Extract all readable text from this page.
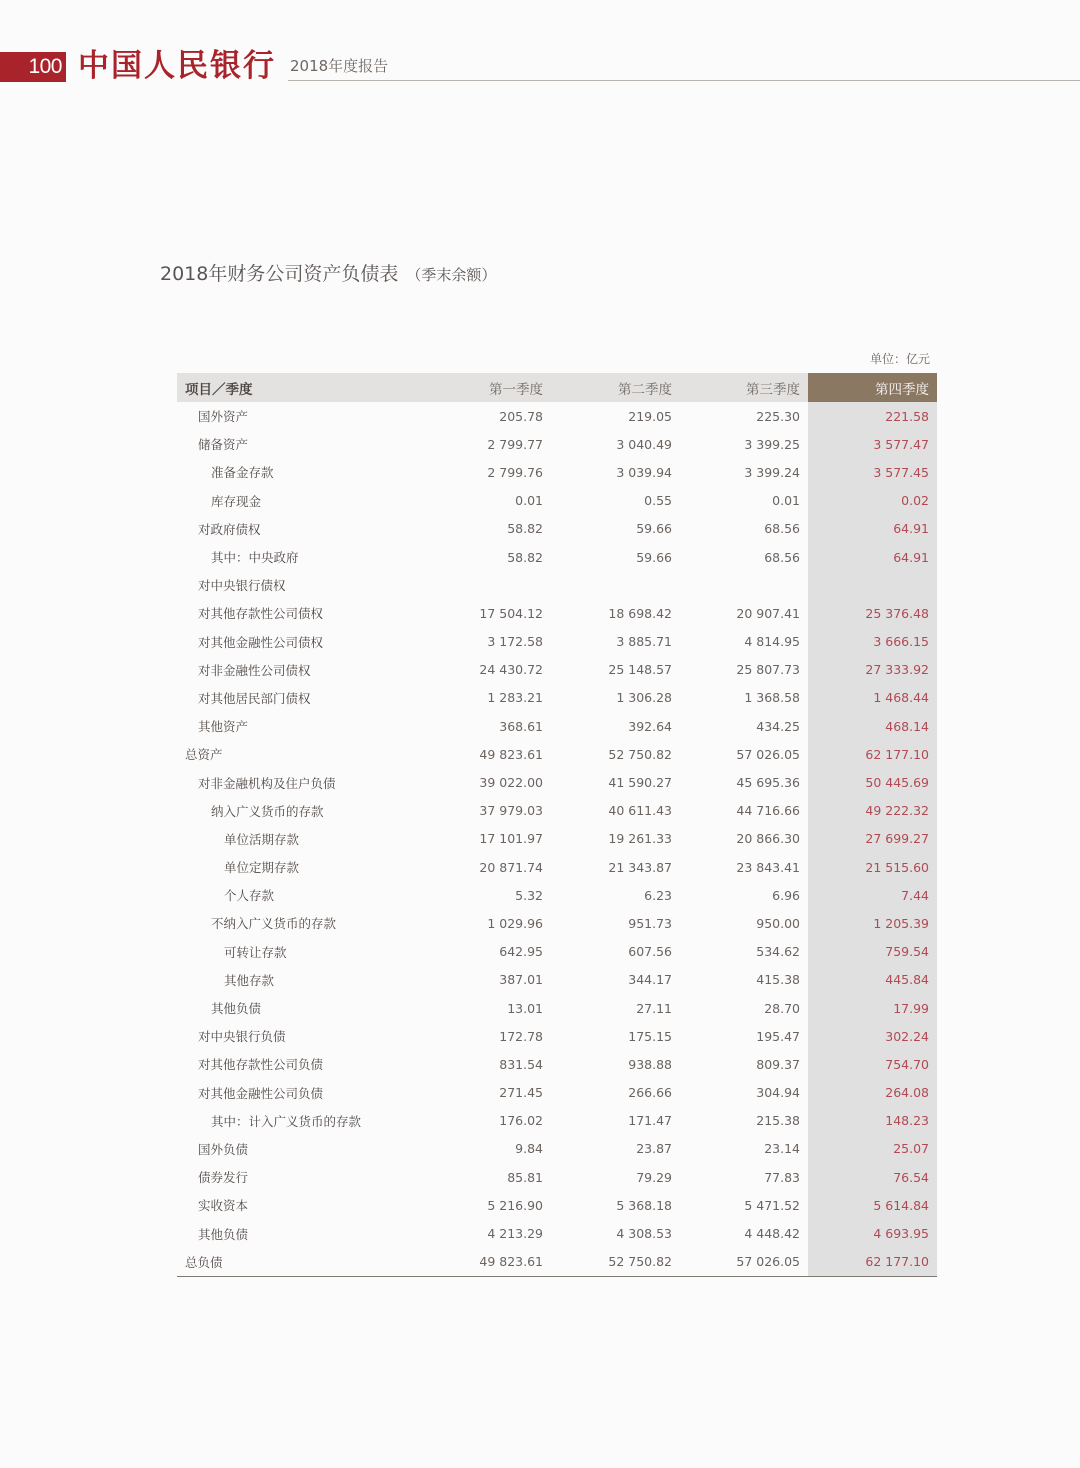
100 中国人民银行 2018年度报告
2018年财务公司资产负债表 （季末余额）
单位：亿元
项目／季度	第一季度	第二季度	第三季度	第四季度
国外资产	205.78	219.05	225.30	221.58
储备资产	2 799.77	3 040.49	3 399.25	3 577.47
准备金存款	2 799.76	3 039.94	3 399.24	3 577.45
库存现金	0.01	0.55	0.01	0.02
对政府债权	58.82	59.66	68.56	64.91
其中：中央政府	58.82	59.66	68.56	64.91
对中央银行债权				
对其他存款性公司债权	17 504.12	18 698.42	20 907.41	25 376.48
对其他金融性公司债权	3 172.58	3 885.71	4 814.95	3 666.15
对非金融性公司债权	24 430.72	25 148.57	25 807.73	27 333.92
对其他居民部门债权	1 283.21	1 306.28	1 368.58	1 468.44
其他资产	368.61	392.64	434.25	468.14
总资产	49 823.61	52 750.82	57 026.05	62 177.10
对非金融机构及住户负债	39 022.00	41 590.27	45 695.36	50 445.69
纳入广义货币的存款	37 979.03	40 611.43	44 716.66	49 222.32
单位活期存款	17 101.97	19 261.33	20 866.30	27 699.27
单位定期存款	20 871.74	21 343.87	23 843.41	21 515.60
个人存款	5.32	6.23	6.96	7.44
不纳入广义货币的存款	1 029.96	951.73	950.00	1 205.39
可转让存款	642.95	607.56	534.62	759.54
其他存款	387.01	344.17	415.38	445.84
其他负债	13.01	27.11	28.70	17.99
对中央银行负债	172.78	175.15	195.47	302.24
对其他存款性公司负债	831.54	938.88	809.37	754.70
对其他金融性公司负债	271.45	266.66	304.94	264.08
其中：计入广义货币的存款	176.02	171.47	215.38	148.23
国外负债	9.84	23.87	23.14	25.07
债券发行	85.81	79.29	77.83	76.54
实收资本	5 216.90	5 368.18	5 471.52	5 614.84
其他负债	4 213.29	4 308.53	4 448.42	4 693.95
总负债	49 823.61	52 750.82	57 026.05	62 177.10
